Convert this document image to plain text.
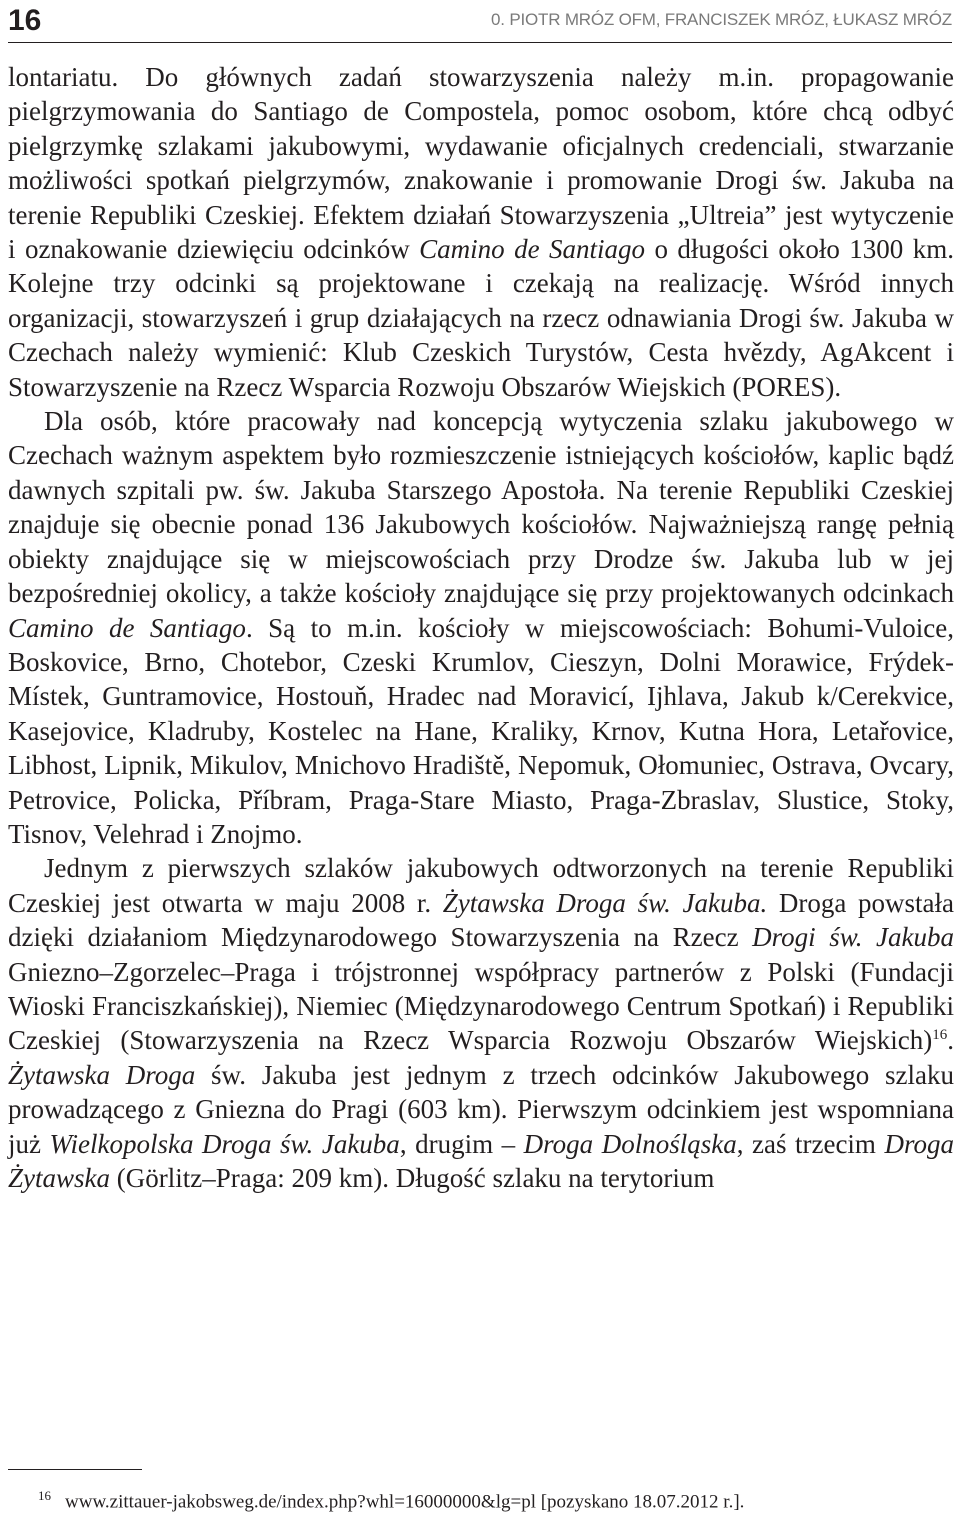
16	0. PIOTR MRÓZ OFM, FRANCISZEK MRÓZ, ŁUKASZ MRÓZ

lontariatu. Do głównych zadań stowarzyszenia należy m.in. propagowanie pielgrzymowania do Santiago de Compostela, pomoc osobom, które chcą odbyć pielgrzymkę szlakami jakubowymi, wydawanie oficjalnych credenciali, stwarzanie możliwości spotkań pielgrzymów, znakowanie i promowanie Drogi św. Jakuba na terenie Republiki Czeskiej. Efektem działań Stowarzyszenia „Ultreia” jest wytyczenie i oznakowanie dziewięciu odcinków Camino de Santiago o długości około 1300 km. Kolejne trzy odcinki są projektowane i czekają na realizację. Wśród innych organizacji, stowarzyszeń i grup działających na rzecz odnawiania Drogi św. Jakuba w Czechach należy wymienić: Klub Czeskich Turystów, Cesta hvězdy, AgAkcent i Stowarzyszenie na Rzecz Wsparcia Rozwoju Obszarów Wiejskich (PORES).

Dla osób, które pracowały nad koncepcją wytyczenia szlaku jakubowego w Czechach ważnym aspektem było rozmieszczenie istniejących kościołów, kaplic bądź dawnych szpitali pw. św. Jakuba Starszego Apostoła. Na terenie Republiki Czeskiej znajduje się obecnie ponad 136 Jakubowych kościołów. Najważniejszą rangę pełnią obiekty znajdujące się w miejscowościach przy Drodze św. Jakuba lub w jej bezpośredniej okolicy, a także kościoły znajdujące się przy projektowanych odcinkach Camino de Santiago. Są to m.in. kościoły w miejscowościach: Bohumi-Vuloice, Boskovice, Brno, Chotebor, Czeski Krumlov, Cieszyn, Dolni Morawice, Frýdek-Místek, Guntramovice, Hostouň, Hradec nad Moravicí, Ijhlava, Jakub k/Cerekvice, Kasejovice, Kladruby, Kostelec na Hane, Kraliky, Krnov, Kutna Hora, Letařovice, Libhost, Lipnik, Mikulov, Mnichovo Hradiště, Nepomuk, Ołomuniec, Ostrava, Ovcary, Petrovice, Policka, Příbram, Praga-Stare Miasto, Praga-Zbraslav, Slustice, Stoky, Tisnov, Velehrad i Znojmo.

Jednym z pierwszych szlaków jakubowych odtworzonych na terenie Republiki Czeskiej jest otwarta w maju 2008 r. Żytawska Droga św. Jakuba. Droga powstała dzięki działaniom Międzynarodowego Stowarzyszenia na Rzecz Drogi św. Jakuba Gniezno–Zgorzelec–Praga i trójstronnej współpracy partnerów z Polski (Fundacji Wioski Franciszkańskiej), Niemiec (Międzynarodowego Centrum Spotkań) i Republiki Czeskiej (Stowarzyszenia na Rzecz Wsparcia Rozwoju Obszarów Wiejskich)$^{16}$. Żytawska Droga św. Jakuba jest jednym z trzech odcinków Jakubowego szlaku prowadzącego z Gniezna do Pragi (603 km). Pierwszym odcinkiem jest wspomniana już Wielkopolska Droga św. Jakuba, drugim – Droga Dolnośląska, zaś trzecim Droga Żytawska (Görlitz–Praga: 209 km). Długość szlaku na terytorium

$^{16}$ www.zittauer-jakobsweg.de/index.php?whl=16000000&lg=pl [pozyskano 18.07.2012 r.].
